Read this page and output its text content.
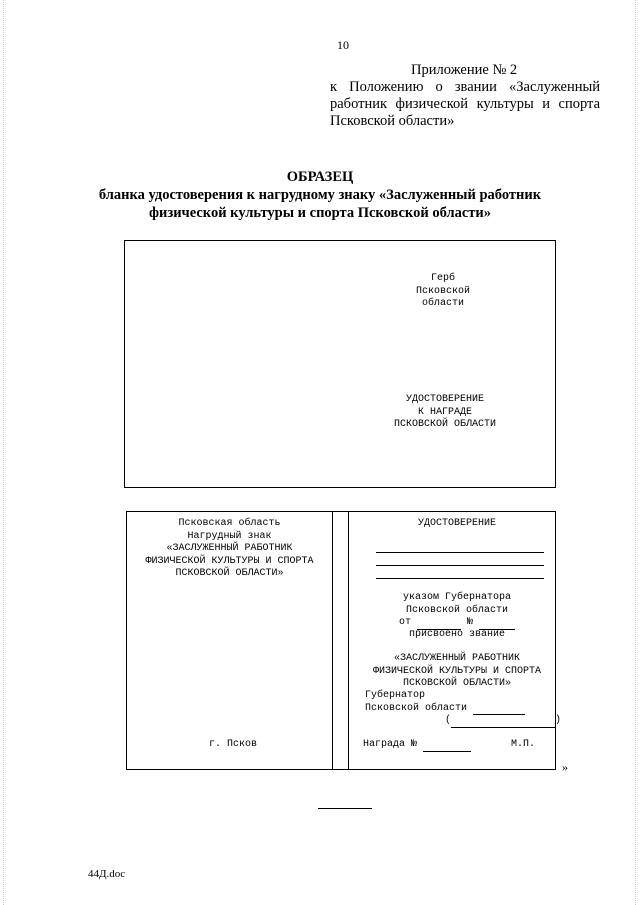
10
Приложение № 2
к Положению о звании «Заслуженный
работник физической культуры и спорта
Псковской области»
ОБРАЗЕЦ
бланка удостоверения к нагрудному знаку «Заслуженный работник
физической культуры и спорта Псковской области»
Герб
Псковской
области
УДОСТОВЕРЕНИЕ
К НАГРАДЕ
ПСКОВСКОЙ ОБЛАСТИ
Псковская область
Нагрудный знак
«ЗАСЛУЖЕННЫЙ РАБОТНИК
ФИЗИЧЕСКОЙ КУЛЬТУРЫ И СПОРТА
ПСКОВСКОЙ ОБЛАСТИ»
г. Псков
УДОСТОВЕРЕНИЕ
указом Губернатора
Псковской области
от	№
присвоено звание
«ЗАСЛУЖЕННЫЙ РАБОТНИК
ФИЗИЧЕСКОЙ КУЛЬТУРЫ И СПОРТА
ПСКОВСКОЙ ОБЛАСТИ»
Губернатор
Псковской области
(	)
Награда №	М.П.
»
44Д.doc
